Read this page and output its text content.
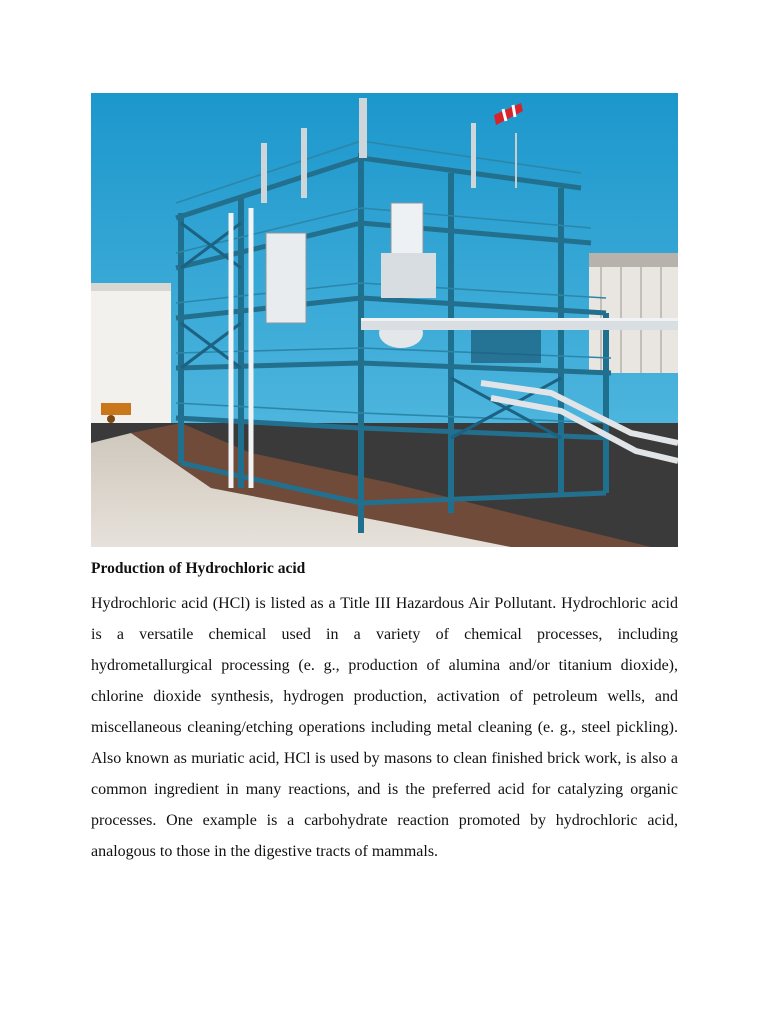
Production of Hydrochloric acid

Hydrochloric acid (HCl) is listed as a Title III Hazardous Air Pollutant. Hydrochloric acid is a versatile chemical used in a variety of chemical processes, including hydrometallurgical processing (e. g., production of alumina and/or titanium dioxide), chlorine dioxide synthesis, hydrogen production, activation of petroleum wells, and miscellaneous cleaning/etching operations including metal cleaning (e. g., steel pickling). Also known as muriatic acid, HCl is used by masons to clean finished brick work, is also a common ingredient in many reactions, and is the preferred acid for catalyzing organic processes. One example is a carbohydrate reaction promoted by hydrochloric acid, analogous to those in the digestive tracts of mammals.
